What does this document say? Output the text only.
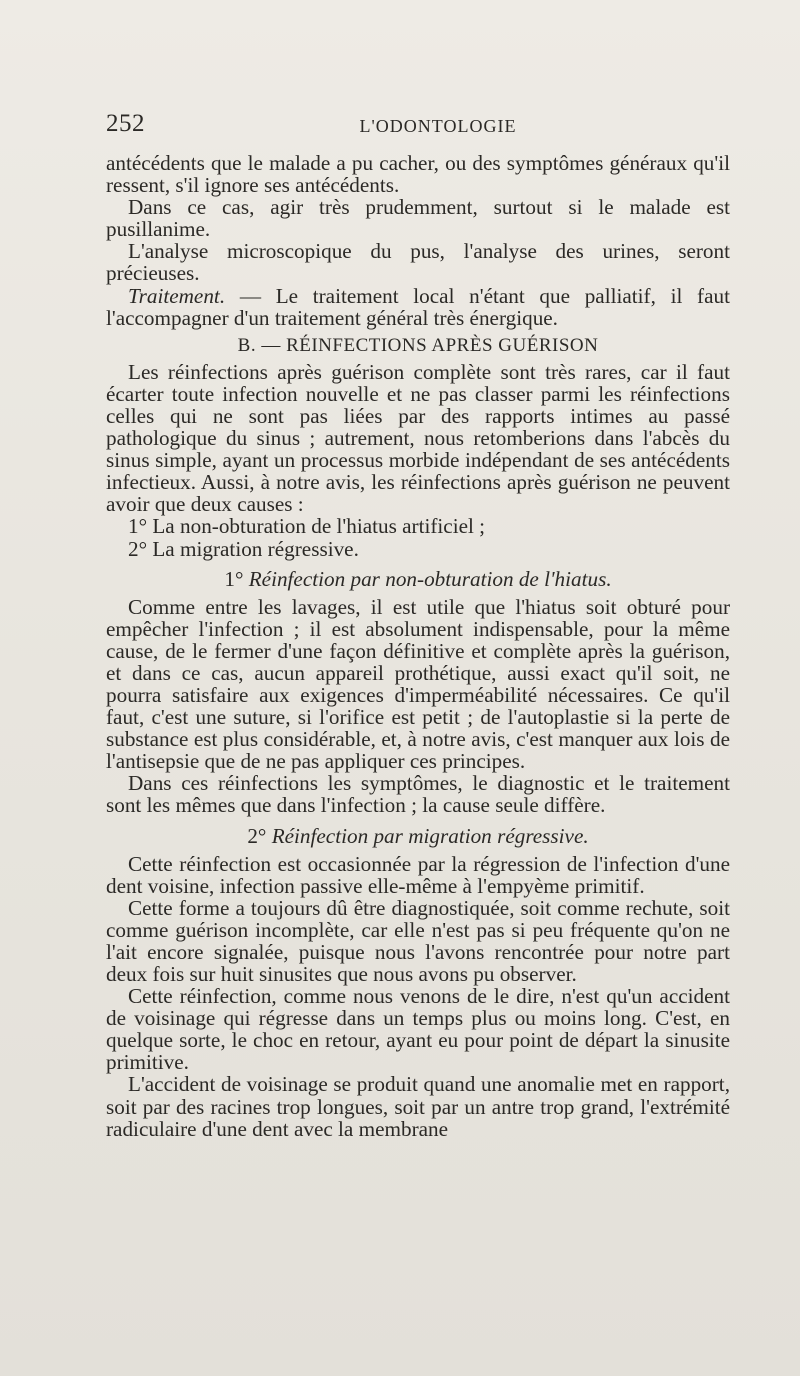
252	L'ODONTOLOGIE

antécédents que le malade a pu cacher, ou des symptômes généraux qu'il ressent, s'il ignore ses antécédents.

Dans ce cas, agir très prudemment, surtout si le malade est pusillanime.

L'analyse microscopique du pus, l'analyse des urines, seront précieuses.

Traitement. — Le traitement local n'étant que palliatif, il faut l'accompagner d'un traitement général très énergique.

B. — RÉINFECTIONS APRÈS GUÉRISON

Les réinfections après guérison complète sont très rares, car il faut écarter toute infection nouvelle et ne pas classer parmi les réinfections celles qui ne sont pas liées par des rapports intimes au passé pathologique du sinus ; autrement, nous retomberions dans l'abcès du sinus simple, ayant un processus morbide indépendant de ses antécédents infectieux. Aussi, à notre avis, les réinfections après guérison ne peuvent avoir que deux causes :

1° La non-obturation de l'hiatus artificiel ;

2° La migration régressive.

1° Réinfection par non-obturation de l'hiatus.

Comme entre les lavages, il est utile que l'hiatus soit obturé pour empêcher l'infection ; il est absolument indispensable, pour la même cause, de le fermer d'une façon définitive et complète après la guérison, et dans ce cas, aucun appareil prothétique, aussi exact qu'il soit, ne pourra satisfaire aux exigences d'imperméabilité nécessaires. Ce qu'il faut, c'est une suture, si l'orifice est petit ; de l'autoplastie si la perte de substance est plus considérable, et, à notre avis, c'est manquer aux lois de l'antisepsie que de ne pas appliquer ces principes.

Dans ces réinfections les symptômes, le diagnostic et le traitement sont les mêmes que dans l'infection ; la cause seule diffère.

2° Réinfection par migration régressive.

Cette réinfection est occasionnée par la régression de l'infection d'une dent voisine, infection passive elle-même à l'empyème primitif.

Cette forme a toujours dû être diagnostiquée, soit comme rechute, soit comme guérison incomplète, car elle n'est pas si peu fréquente qu'on ne l'ait encore signalée, puisque nous l'avons rencontrée pour notre part deux fois sur huit sinusites que nous avons pu observer.

Cette réinfection, comme nous venons de le dire, n'est qu'un accident de voisinage qui régresse dans un temps plus ou moins long. C'est, en quelque sorte, le choc en retour, ayant eu pour point de départ la sinusite primitive.

L'accident de voisinage se produit quand une anomalie met en rapport, soit par des racines trop longues, soit par un antre trop grand, l'extrémité radiculaire d'une dent avec la membrane
